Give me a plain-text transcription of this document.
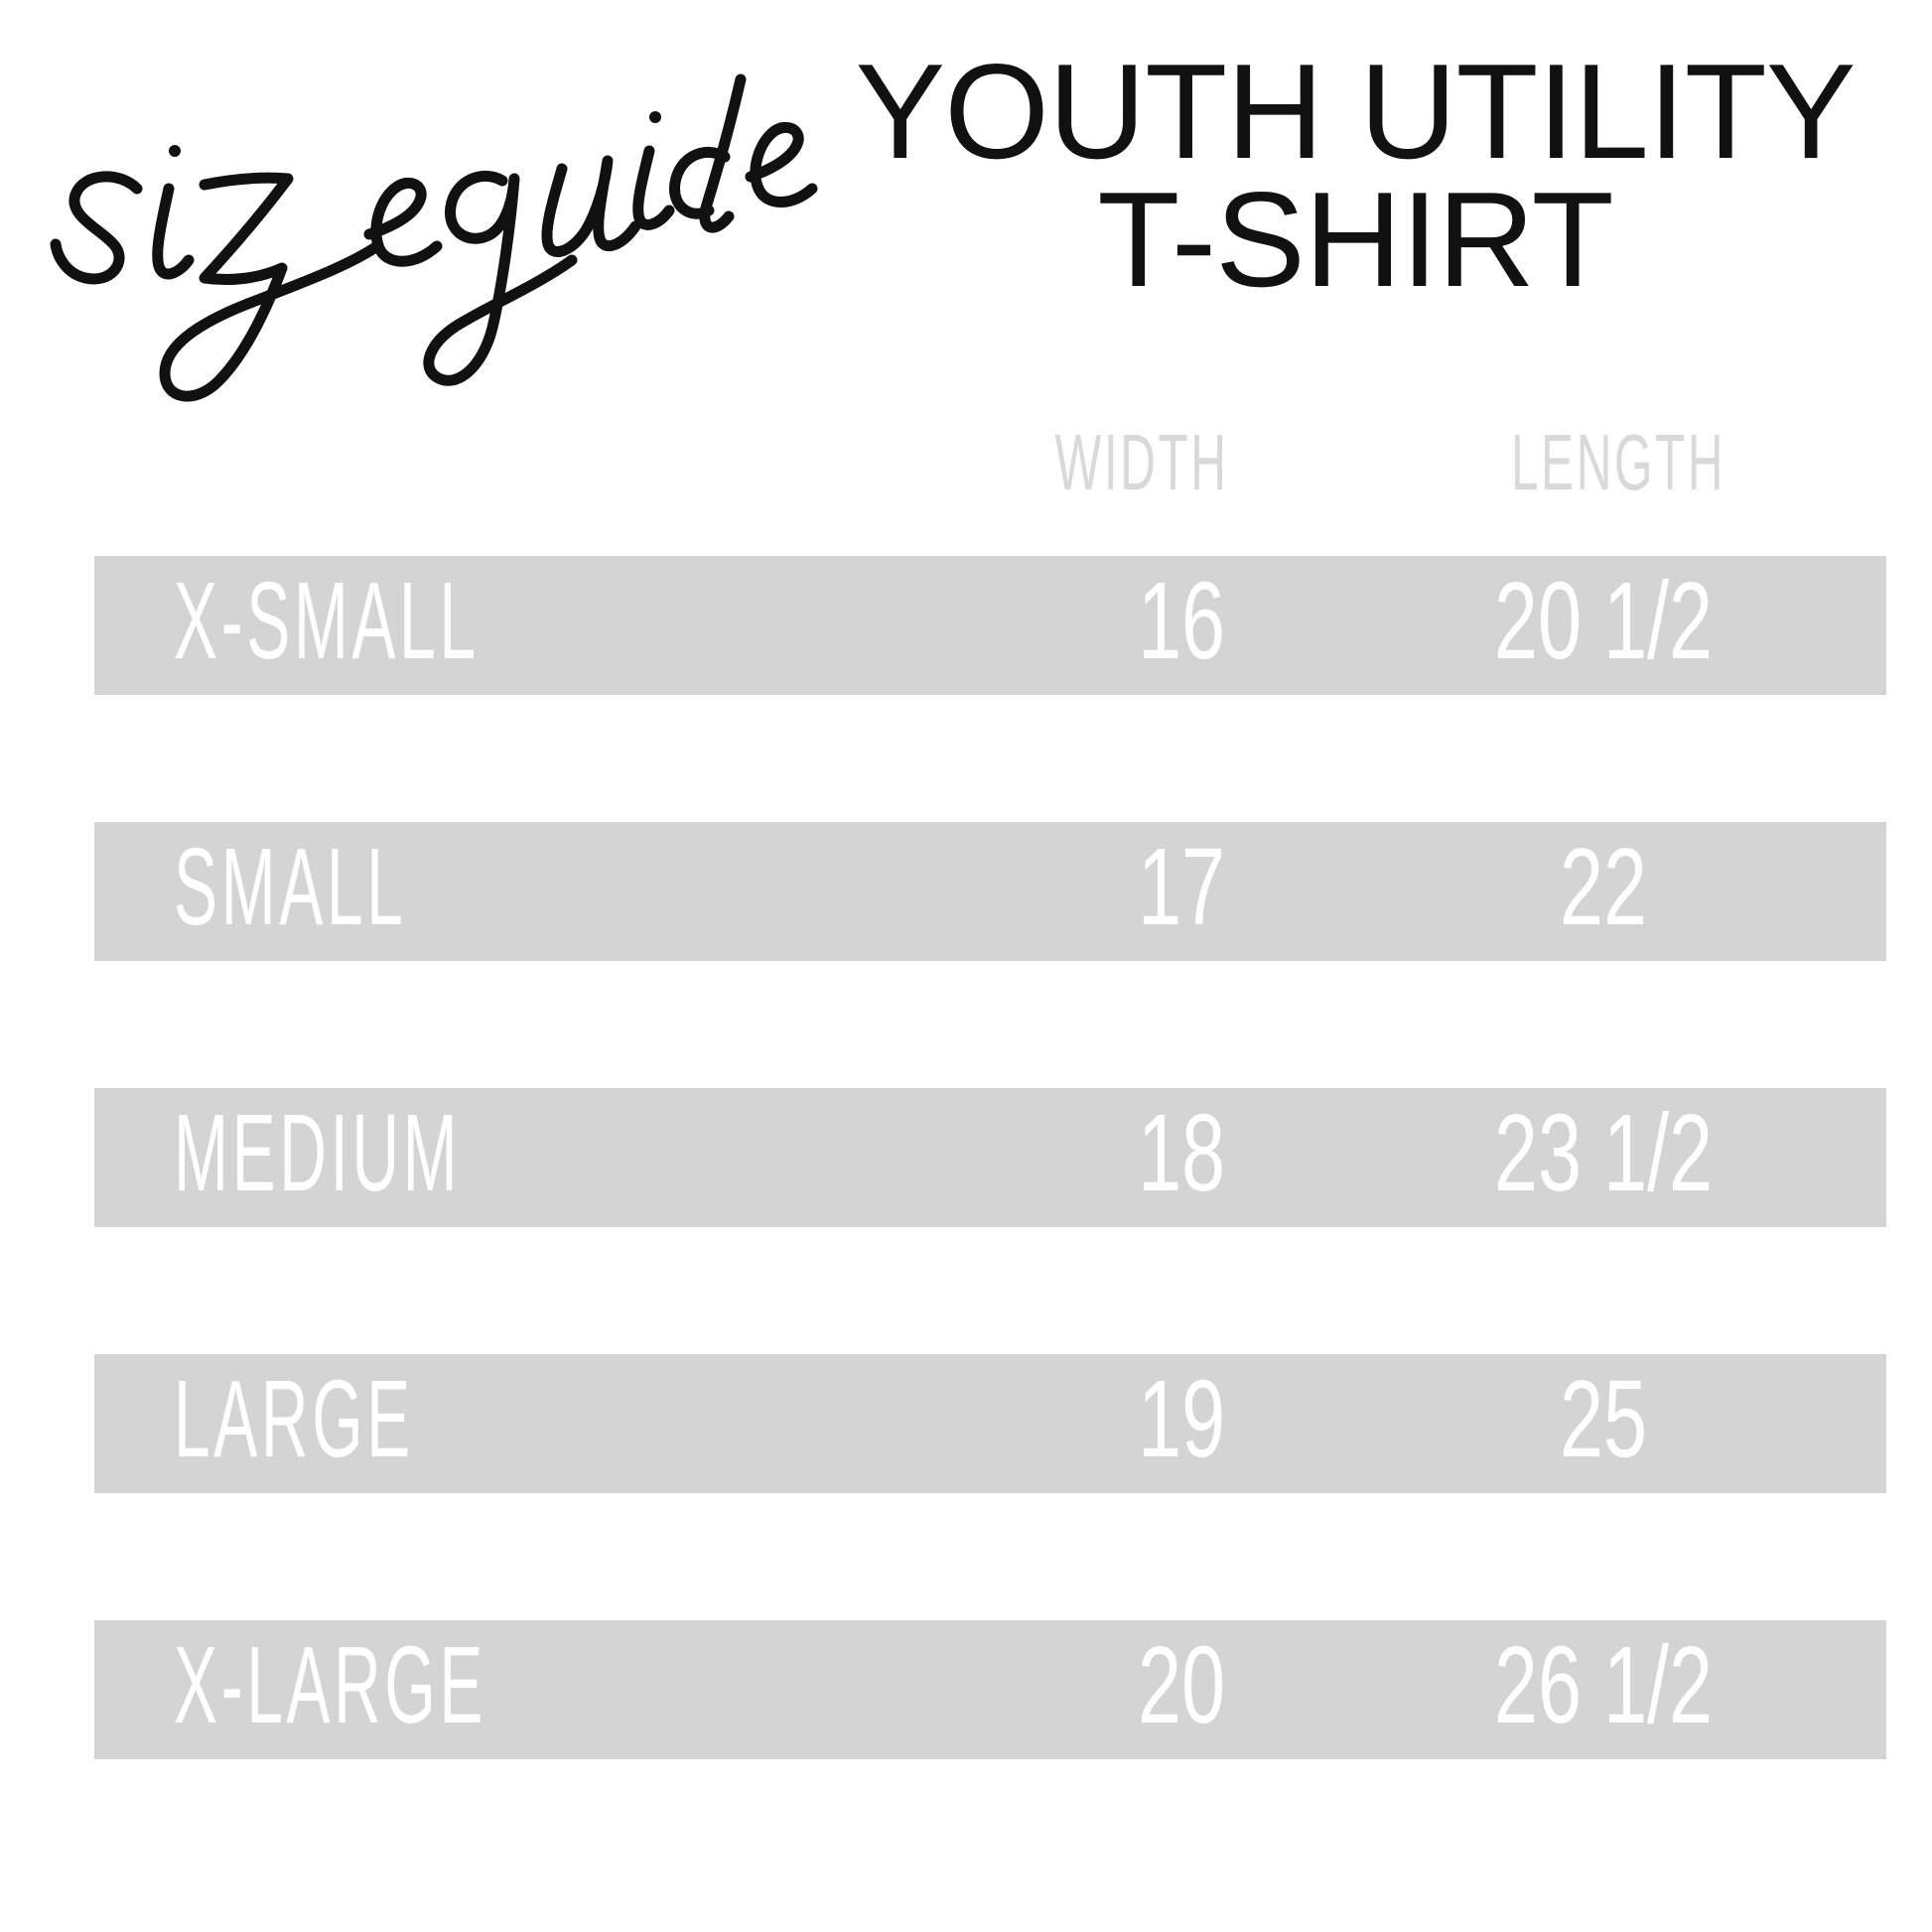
YOUTH UTILITY
T-SHIRT
WIDTH	LENGTH
X-SMALL	16	20 1/2
SMALL	17	22
MEDIUM	18	23 1/2
LARGE	19	25
X-LARGE	20	26 1/2
